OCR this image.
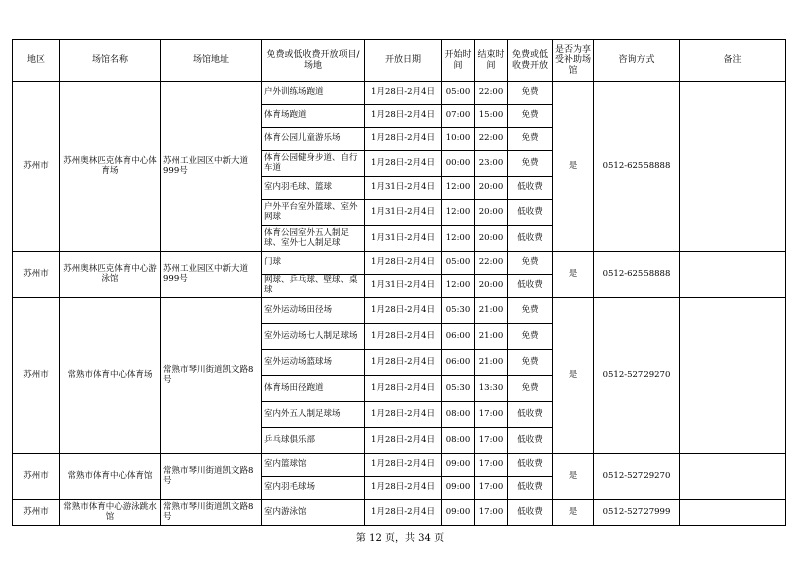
地区	场馆名称	场馆地址	免费或低收费开放项目/场地	开放日期	开始时间	结束时间	免费或低收费开放	是否为享受补助场馆	咨询方式	备注
苏州市	苏州奥林匹克体育中心体育场	苏州工业园区中新大道999号	户外训练场跑道	1月28日-2月4日	05:00	22:00	免费	是	0512-62558888	
			体育场跑道	1月28日-2月4日	07:00	15:00	免费			
			体育公园儿童游乐场	1月28日-2月4日	10:00	22:00	免费			
			体育公园健身步道、自行车道	1月28日-2月4日	00:00	23:00	免费			
			室内羽毛球、篮球	1月31日-2月4日	12:00	20:00	低收费			
			户外平台室外篮球、室外网球	1月31日-2月4日	12:00	20:00	低收费			
			体育公园室外五人制足球、室外七人制足球	1月31日-2月4日	12:00	20:00	低收费			
苏州市	苏州奥林匹克体育中心游泳馆	苏州工业园区中新大道999号	门球	1月28日-2月4日	05:00	22:00	免费	是	0512-62558888	
			网球、乒乓球、壁球、桌球	1月31日-2月4日	12:00	20:00	低收费			
苏州市	常熟市体育中心体育场	常熟市琴川街道凯文路8号	室外运动场田径场	1月28日-2月4日	05:30	21:00	免费	是	0512-52729270	
			室外运动场七人制足球场	1月28日-2月4日	06:00	21:00	免费			
			室外运动场篮球场	1月28日-2月4日	06:00	21:00	免费			
			体育场田径跑道	1月28日-2月4日	05:30	13:30	免费			
			室内外五人制足球场	1月28日-2月4日	08:00	17:00	低收费			
			乒乓球俱乐部	1月28日-2月4日	08:00	17:00	低收费			
苏州市	常熟市体育中心体育馆	常熟市琴川街道凯文路8号	室内篮球馆	1月28日-2月4日	09:00	17:00	低收费	是	0512-52729270	
			室内羽毛球场	1月28日-2月4日	09:00	17:00	低收费			
苏州市	常熟市体育中心游泳跳水馆	常熟市琴川街道凯文路8号	室内游泳馆	1月28日-2月4日	09:00	17:00	低收费	是	0512-52727999	
第 12 页，共 34 页
